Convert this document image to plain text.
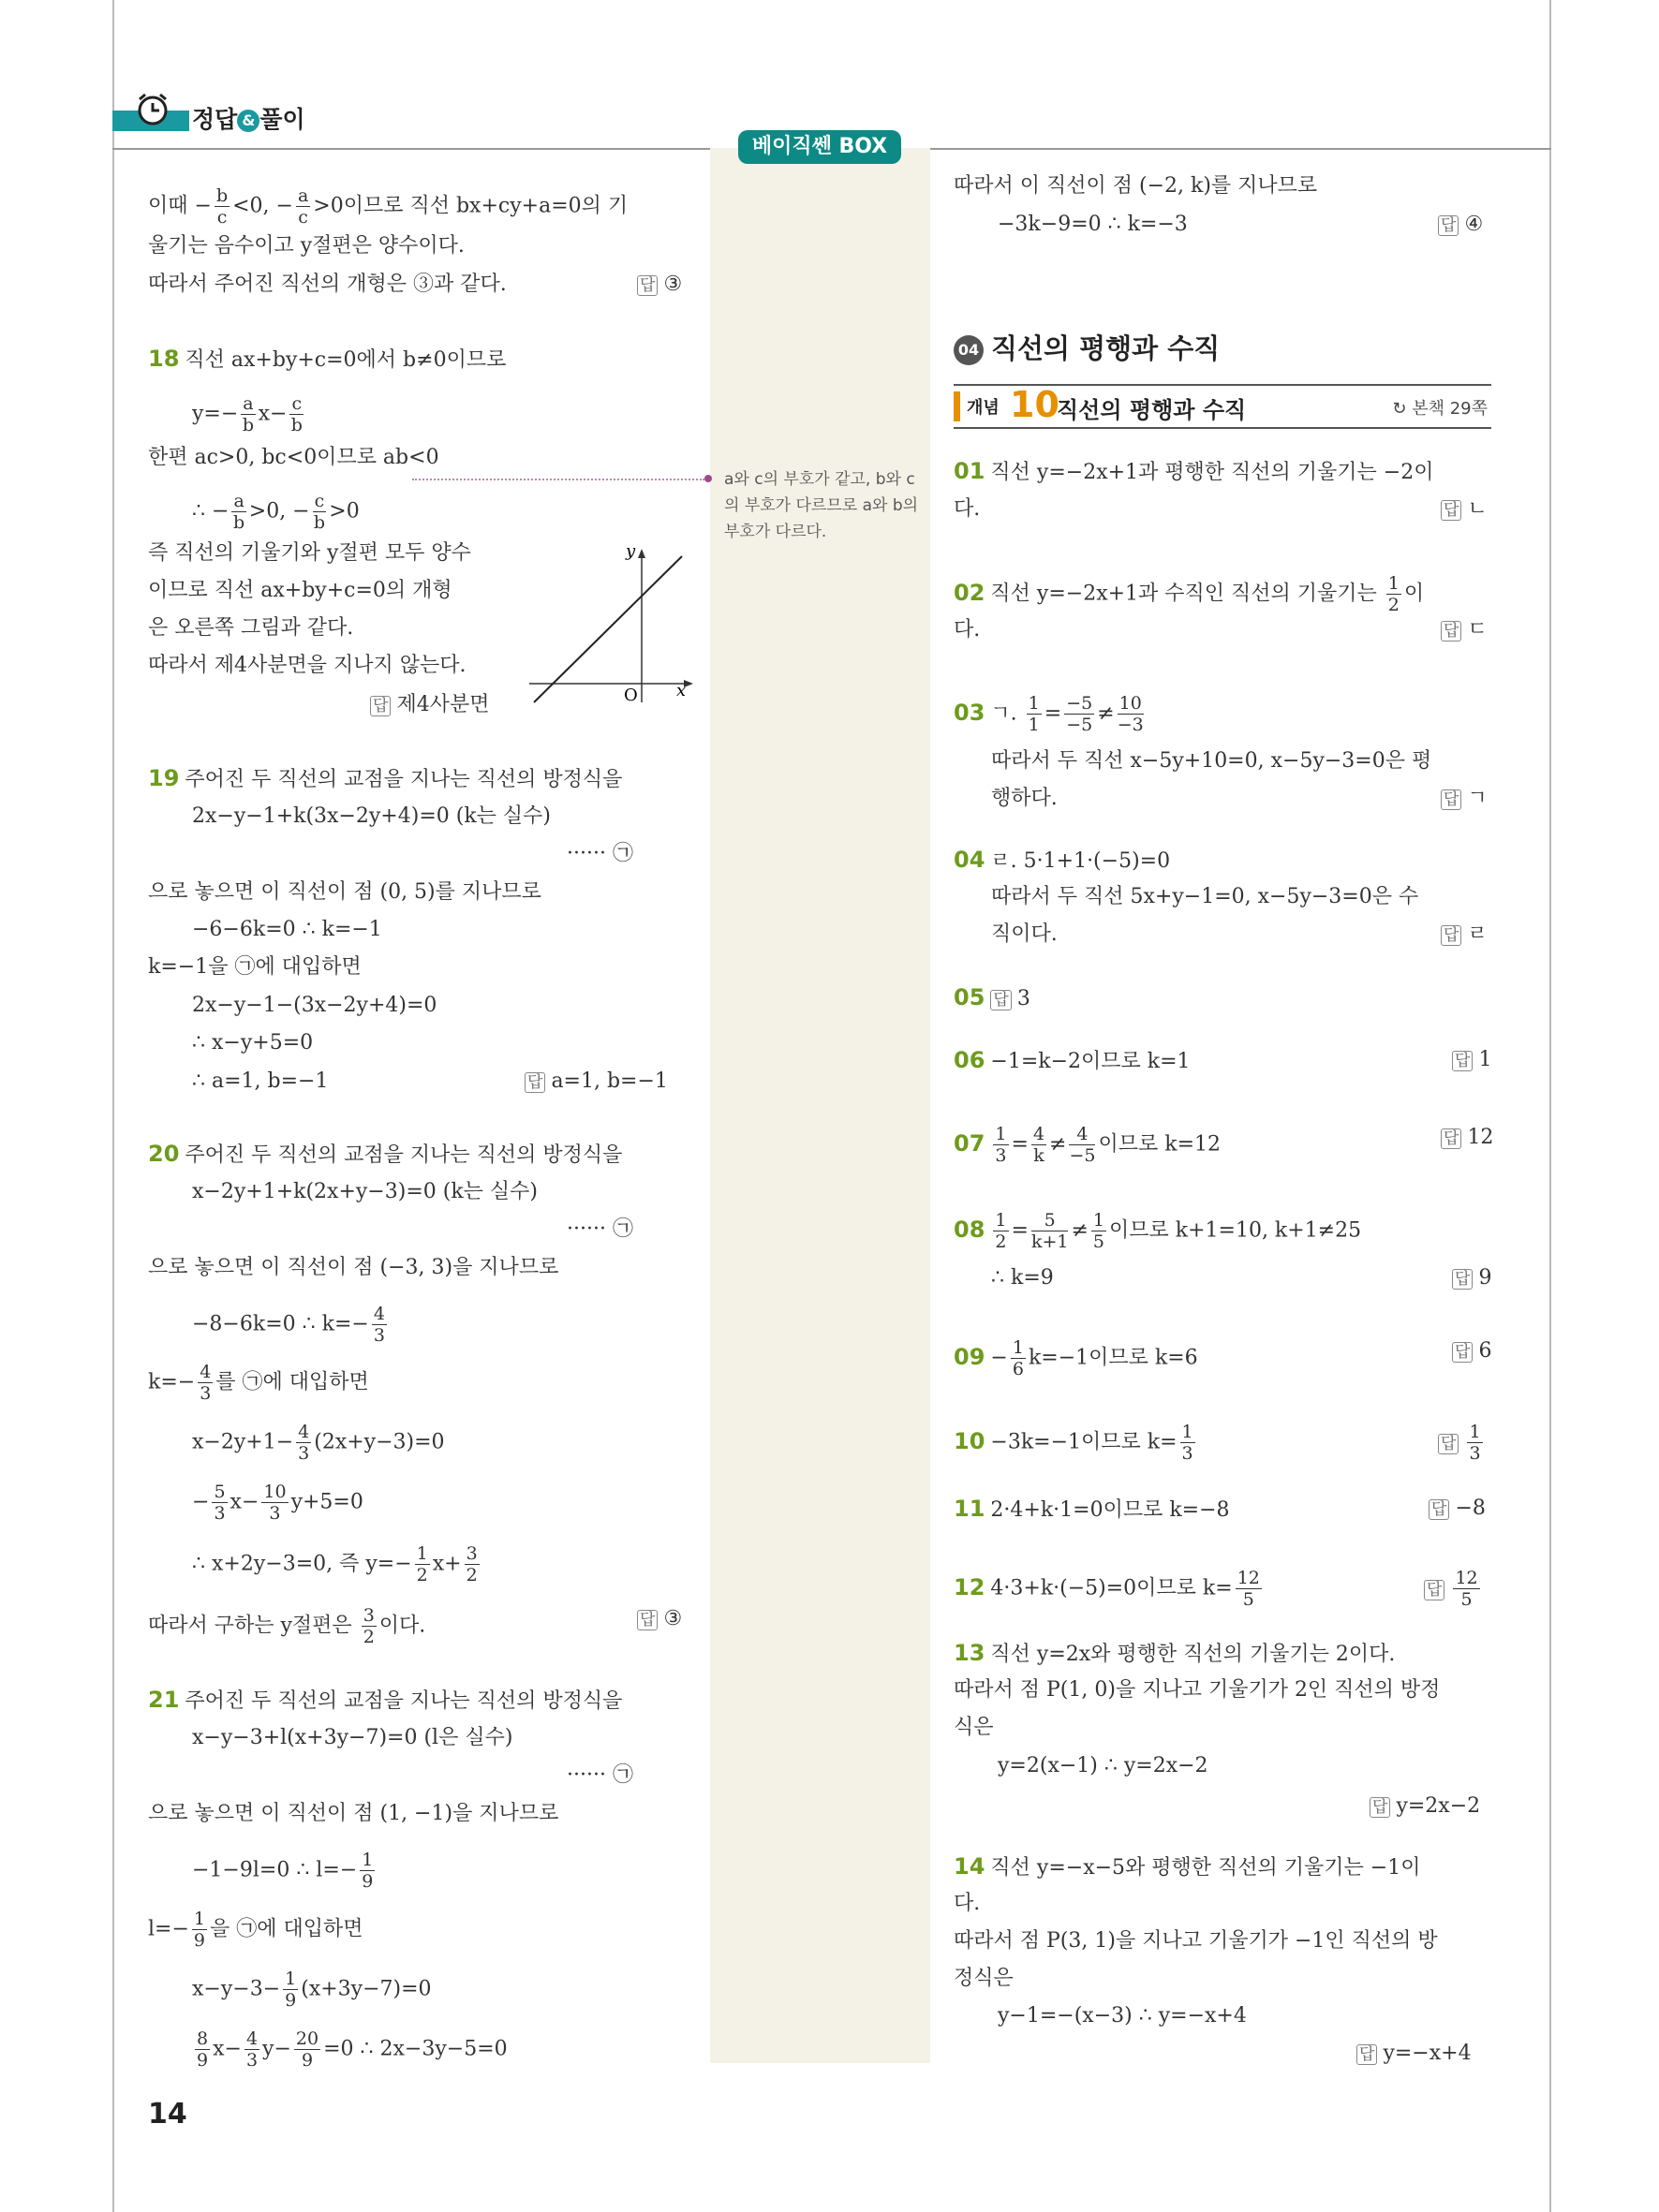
정답 & 풀이
베이직쎈 BOX
a와 c의 부호가 같고, b와 c의 부호가 다르므로 a와 b의 부호가 다르다.
이때 − $\frac{b}{c} <0$, − $\frac{a}{c} >0$이므로 직선 bx+cy+a=0의 기
울기는 음수이고 y절편은 양수이다.
따라서 주어진 직선의 개형은 ③과 같다.	답 ③
18 직선 ax+by+c=0에서 b≠0이므로
$y=- \frac{a}{b} x- \frac{c}{b}$
한편 ac>0, bc<0이므로 ab<0
∴ − $\frac{a}{b} >0$, − $\frac{c}{b} >0$
즉 직선의 기울기와 y절편 모두 양수
이므로 직선 ax+by+c=0의 개형
은 오른쪽 그림과 같다.
따라서 제4사분면을 지나지 않는다.
답 제4사분면
y
x
O
19 주어진 두 직선의 교점을 지나는 직선의 방정식을
2x−y−1+k(3x−2y+4)=0 (k는 실수)
······ ㉠
으로 놓으면 이 직선이 점 (0, 5)를 지나므로
−6−6k=0 ∴ k=−1
k=−1을 ㉠에 대입하면
2x−y−1−(3x−2y+4)=0
∴ x−y+5=0
∴ a=1, b=−1	답 a=1, b=−1
20 주어진 두 직선의 교점을 지나는 직선의 방정식을
x−2y+1+k(2x+y−3)=0 (k는 실수)
······ ㉠
으로 놓으면 이 직선이 점 (−3, 3)을 지나므로
−8−6k=0 ∴ $k=- \frac{4}{3}$
$k=- \frac{4}{3}$ 를 ㉠에 대입하면
$x-2y+1- \frac{4}{3} (2x+y-3)=0$
− $\frac{5}{3} x- \frac{10}{3} y+5=0$
∴ x+2y−3=0, 즉 $y=- \frac{1}{2} x+ \frac{3}{2}$
따라서 구하는 y절편은 $\frac{3}{2}$ 이다.	답 ③
21 주어진 두 직선의 교점을 지나는 직선의 방정식을
x−y−3+l(x+3y−7)=0 (l은 실수)
······ ㉠
으로 놓으면 이 직선이 점 (1, −1)을 지나므로
−1−9l=0 ∴ $l=- \frac{1}{9}$
$l=- \frac{1}{9}$ 을 ㉠에 대입하면
$x-y-3- \frac{1}{9} (x+3y-7)=0$
$\frac{8}{9} x- \frac{4}{3} y- \frac{20}{9} =0$ ∴ 2x−3y−5=0
14
따라서 이 직선이 점 (−2, k)를 지나므로
−3k−9=0 ∴ k=−3	답 ④
04 직선의 평행과 수직
개념 10
직선의 평행과 수직	↻ 본책 29쪽
01 직선 y=−2x+1과 평행한 직선의 기울기는 −2이
다.	답 ㄴ
02 직선 y=−2x+1과 수직인 직선의 기울기는 $\frac{1}{2}$ 이
다.	답 ㄷ
03 ㄱ. $\frac{1}{1} = \frac{-5}{-5} \ne \frac{10}{-3}$
따라서 두 직선 x−5y+10=0, x−5y−3=0은 평
행하다.	답 ㄱ
04 ㄹ. 5·1+1·(−5)=0
따라서 두 직선 5x+y−1=0, x−5y−3=0은 수
직이다.	답 ㄹ
05 답 3
06 −1=k−2이므로 k=1	답 1
$07 \frac{1}{3} = \frac{4}{k} \ne \frac{4}{-5}$ 이므로 k=12	답 12
$08 \frac{1}{2} = \frac{5}{k+1} \ne \frac{1}{5}$ 이므로 k+1=10, k+1≠25
∴ k=9	답 9
$09 - \frac{1}{6} k=-1$이므로 k=6	답 6
10 −3k=−1이므로 $k= \frac{1}{3}$	답 $\frac{1}{3}$
11 2·4+k·1=0이므로 k=−8	답 −8
12 4·3+k·(−5)=0이므로 $k= \frac{12}{5}$	답 $\frac{12}{5}$
13 직선 y=2x와 평행한 직선의 기울기는 2이다.
따라서 점 P(1, 0)을 지나고 기울기가 2인 직선의 방정
식은
y=2(x−1) ∴ y=2x−2
답 y=2x−2
14 직선 y=−x−5와 평행한 직선의 기울기는 −1이
다.
따라서 점 P(3, 1)을 지나고 기울기가 −1인 직선의 방
정식은
y−1=−(x−3) ∴ y=−x+4
답 y=−x+4
